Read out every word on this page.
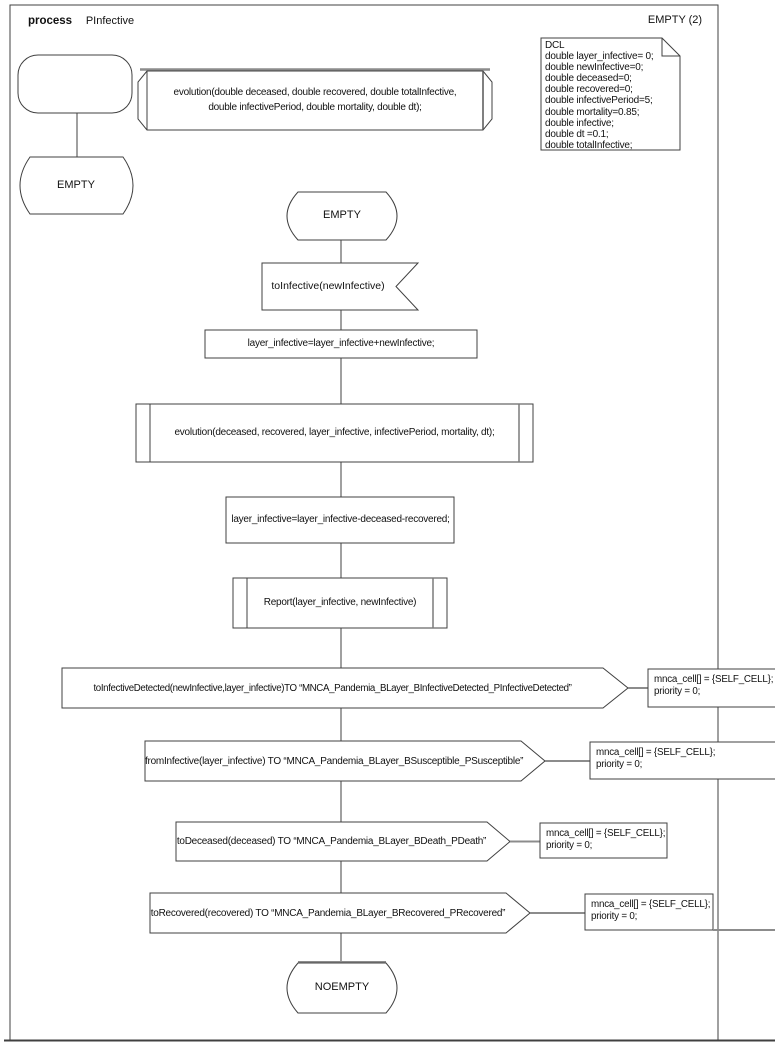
process	PInfective	EMPTY (2)
DCL
double layer_infective= 0;
double newInfective=0;
double deceased=0;
double recovered=0;
double infectivePeriod=5;
double mortality=0.85;
double infective;
double dt =0.1;
double totalInfective;
evolution(double deceased, double recovered, double totalInfective,
double infectivePeriod, double mortality, double dt);
EMPTY
EMPTY
NOEMPTY
toInfective(newInfective)
layer_infective=layer_infective+newInfective;
evolution(deceased, recovered, layer_infective, infectivePeriod, mortality, dt);
layer_infective=layer_infective-deceased-recovered;
Report(layer_infective, newInfective)
toInfectiveDetected(newInfective,layer_infective)TO “MNCA_Pandemia_BLayer_BInfectiveDetected_PInfectiveDetected”
fromInfective(layer_infective) TO “MNCA_Pandemia_BLayer_BSusceptible_PSusceptible”
toDeceased(deceased) TO “MNCA_Pandemia_BLayer_BDeath_PDeath”
toRecovered(recovered) TO “MNCA_Pandemia_BLayer_BRecovered_PRecovered”
mnca_cell[] = {SELF_CELL};
priority = 0;
mnca_cell[] = {SELF_CELL};
priority = 0;
mnca_cell[] = {SELF_CELL};
priority = 0;
mnca_cell[] = {SELF_CELL};
priority = 0;
